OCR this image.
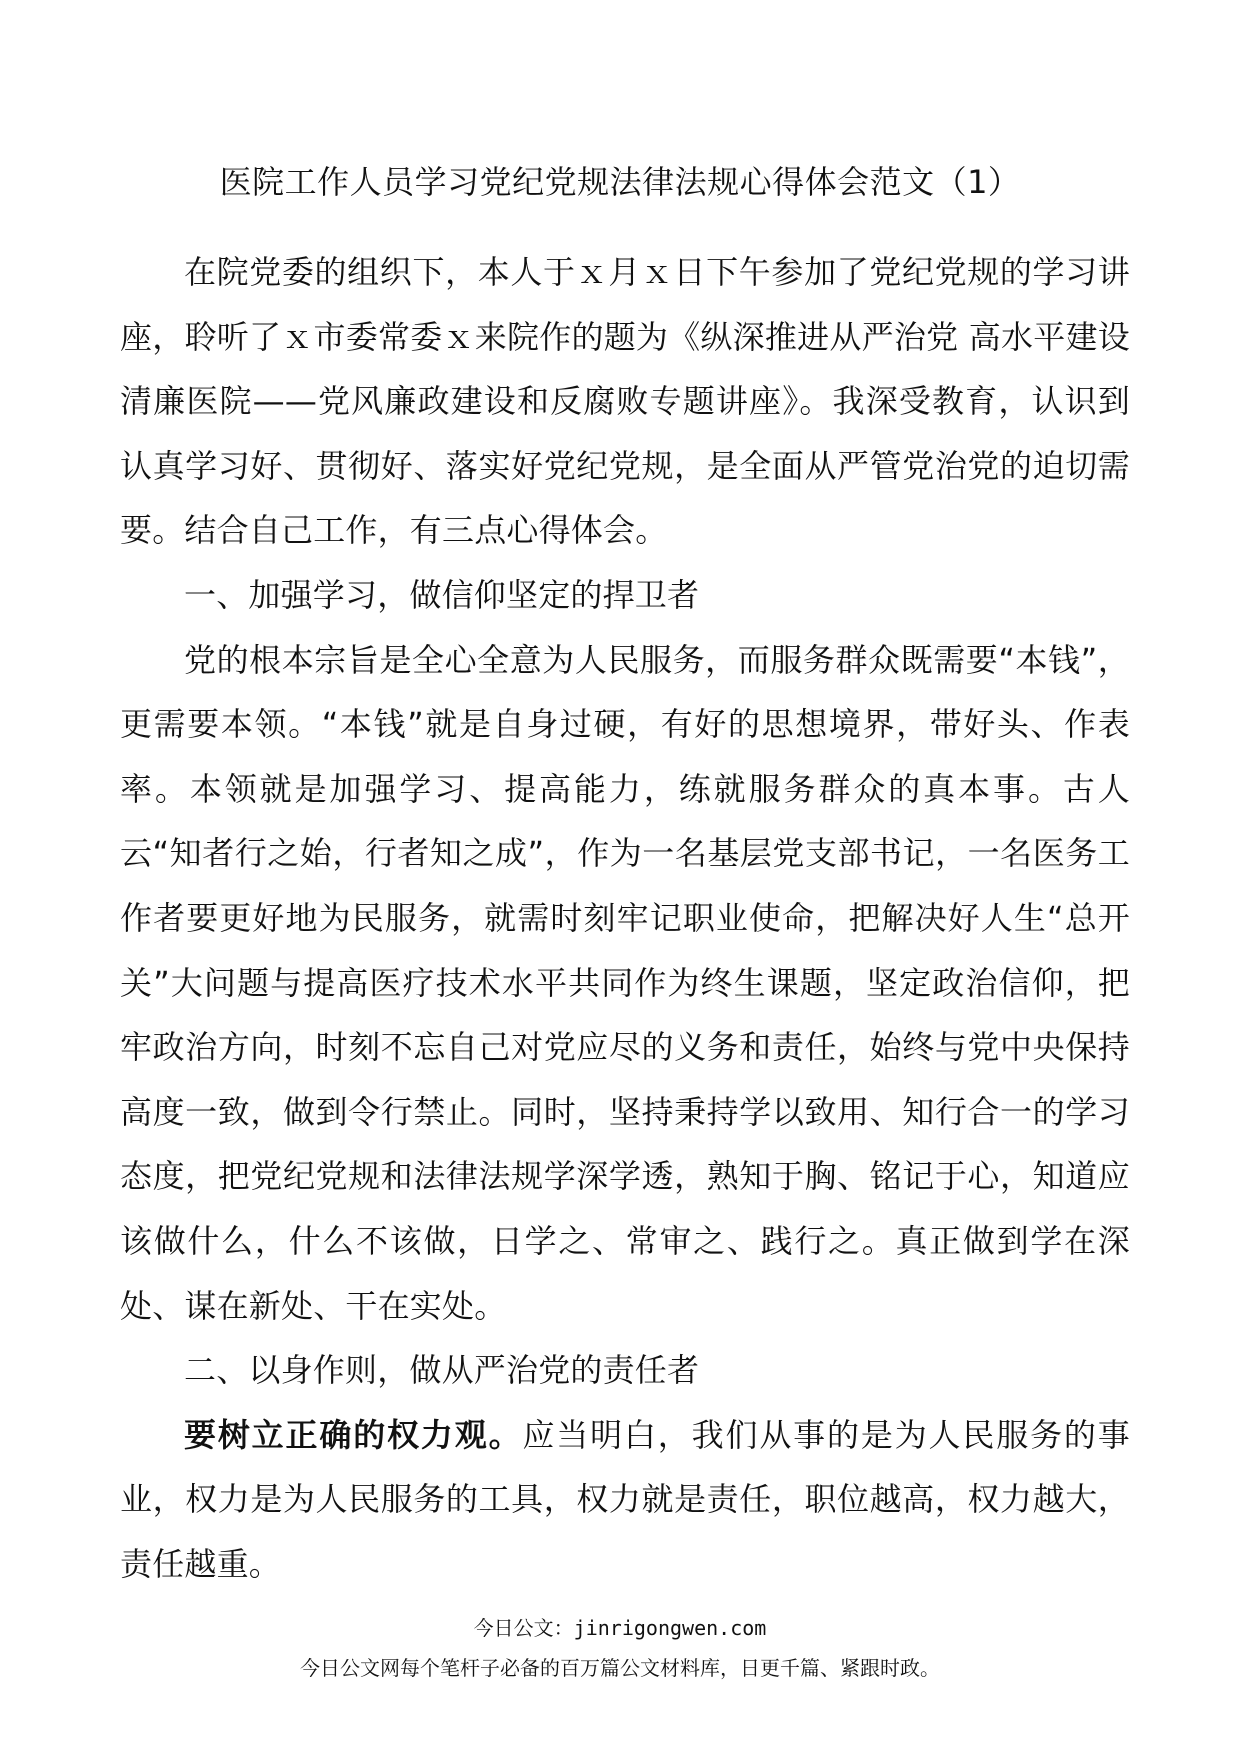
医院工作人员学习党纪党规法律法规心得体会范文（1）

在院党委的组织下，本人于ｘ月ｘ日下午参加了党纪党规的学习讲座，聆听了ｘ市委常委ｘ来院作的题为《纵深推进从严治党 高水平建设清廉医院——党风廉政建设和反腐败专题讲座》。我深受教育，认识到认真学习好、贯彻好、落实好党纪党规，是全面从严管党治党的迫切需要。结合自己工作，有三点心得体会。

一、加强学习，做信仰坚定的捍卫者

党的根本宗旨是全心全意为人民服务，而服务群众既需要“本钱”，更需要本领。“本钱”就是自身过硬，有好的思想境界，带好头、作表率。本领就是加强学习、提高能力，练就服务群众的真本事。古人云“知者行之始，行者知之成”，作为一名基层党支部书记，一名医务工作者要更好地为民服务，就需时刻牢记职业使命，把解决好人生“总开关”大问题与提高医疗技术水平共同作为终生课题，坚定政治信仰，把牢政治方向，时刻不忘自己对党应尽的义务和责任，始终与党中央保持高度一致，做到令行禁止。同时，坚持秉持学以致用、知行合一的学习态度，把党纪党规和法律法规学深学透，熟知于胸、铭记于心，知道应该做什么，什么不该做，日学之、常审之、践行之。真正做到学在深处、谋在新处、干在实处。

二、以身作则，做从严治党的责任者

要树立正确的权力观。应当明白，我们从事的是为人民服务的事业，权力是为人民服务的工具，权力就是责任，职位越高，权力越大，责任越重。

今日公文：jinrigongwen.com
今日公文网每个笔杆子必备的百万篇公文材料库，日更千篇、紧跟时政。
